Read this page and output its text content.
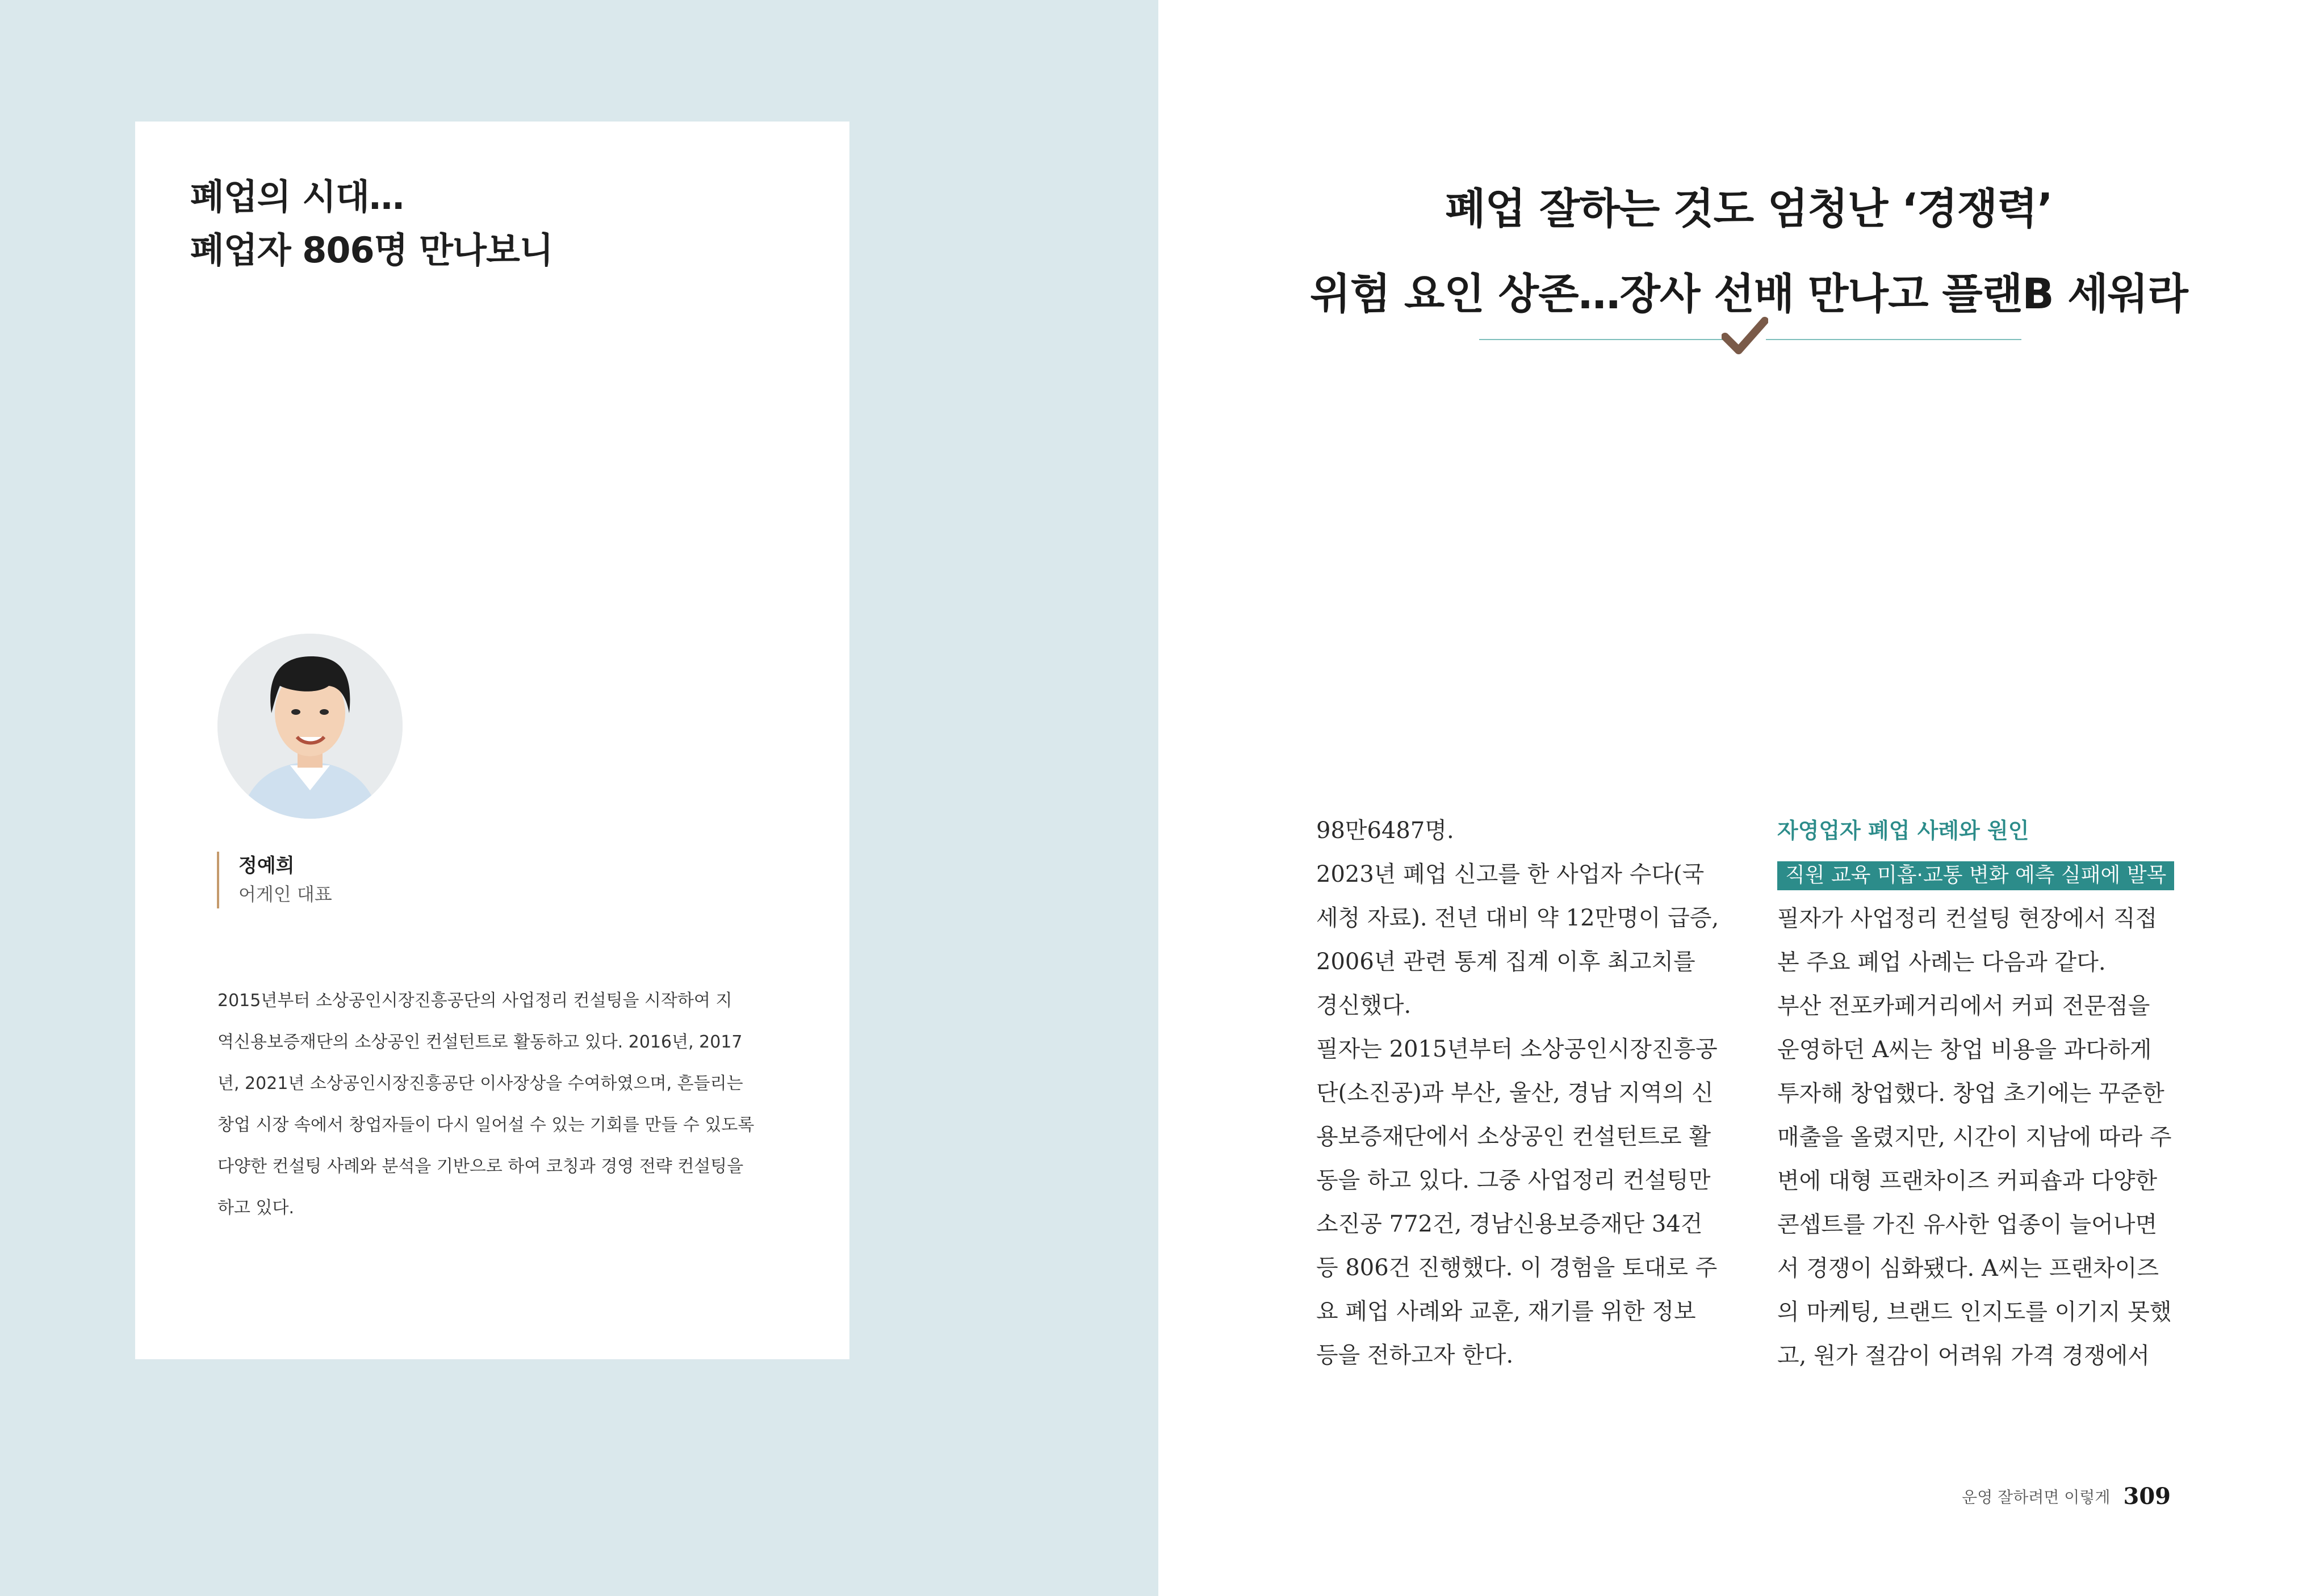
폐업의 시대…
폐업자 806명 만나보니
정예희
어게인 대표
2015년부터 소상공인시장진흥공단의 사업정리 컨설팅을 시작하여 지
역신용보증재단의 소상공인 컨설턴트로 활동하고 있다. 2016년, 2017
년, 2021년 소상공인시장진흥공단 이사장상을 수여하였으며, 흔들리는
창업 시장 속에서 창업자들이 다시 일어설 수 있는 기회를 만들 수 있도록
다양한 컨설팅 사례와 분석을 기반으로 하여 코칭과 경영 전략 컨설팅을
하고 있다.
폐업 잘하는 것도 엄청난 ‘경쟁력’
위험 요인 상존…장사 선배 만나고 플랜B 세워라
98만6487명.
2023년 폐업 신고를 한 사업자 수다(국
세청 자료). 전년 대비 약 12만명이 급증,
2006년 관련 통계 집계 이후 최고치를
경신했다.
필자는 2015년부터 소상공인시장진흥공
단(소진공)과 부산, 울산, 경남 지역의 신
용보증재단에서 소상공인 컨설턴트로 활
동을 하고 있다. 그중 사업정리 컨설팅만
소진공 772건, 경남신용보증재단 34건
등 806건 진행했다. 이 경험을 토대로 주
요 폐업 사례와 교훈, 재기를 위한 정보
등을 전하고자 한다.
자영업자 폐업 사례와 원인
직원 교육 미흡·교통 변화 예측 실패에 발목
필자가 사업정리 컨설팅 현장에서 직접
본 주요 폐업 사례는 다음과 같다.
부산 전포카페거리에서 커피 전문점을
운영하던 A씨는 창업 비용을 과다하게
투자해 창업했다. 창업 초기에는 꾸준한
매출을 올렸지만, 시간이 지남에 따라 주
변에 대형 프랜차이즈 커피숍과 다양한
콘셉트를 가진 유사한 업종이 늘어나면
서 경쟁이 심화됐다. A씨는 프랜차이즈
의 마케팅, 브랜드 인지도를 이기지 못했
고, 원가 절감이 어려워 가격 경쟁에서
운영 잘하려면 이렇게 309
